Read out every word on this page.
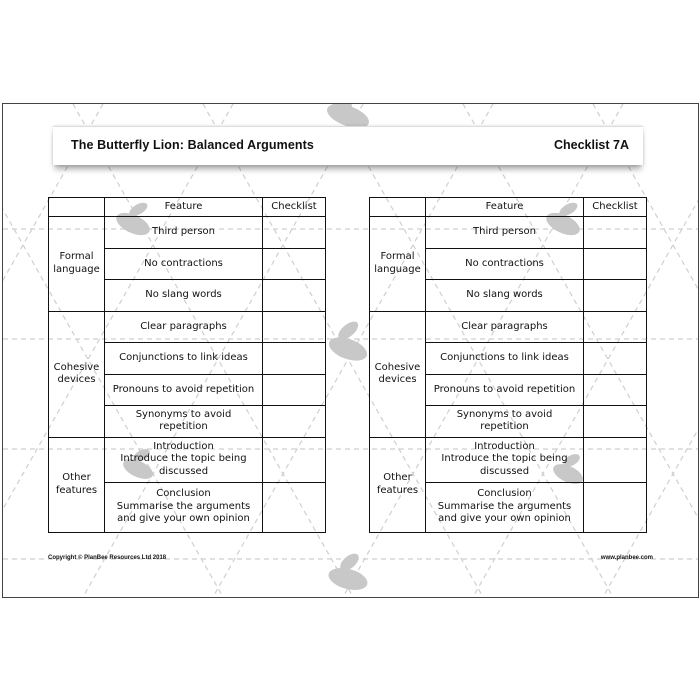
The Butterfly Lion: Balanced Arguments	Checklist 7A
	Feature	Checklist

Formal
language	Third person	

	No contractions	

	No slang words	

Cohesive
devices	Clear paragraphs	

	Conjunctions to link ideas	

	Pronouns to avoid repetition	

	Synonyms to avoid
repetition	

Other
features	Introduction
Introduce the topic being
discussed	

	Conclusion
Summarise the arguments
and give your own opinion	

	Feature	Checklist

Formal
language	Third person	

	No contractions	

	No slang words	

Cohesive
devices	Clear paragraphs	

	Conjunctions to link ideas	

	Pronouns to avoid repetition	

	Synonyms to avoid
repetition	

Other
features	Introduction
Introduce the topic being
discussed	

	Conclusion
Summarise the arguments
and give your own opinion	

Copyright © PlanBee Resources Ltd 2018	www.planbee.com
